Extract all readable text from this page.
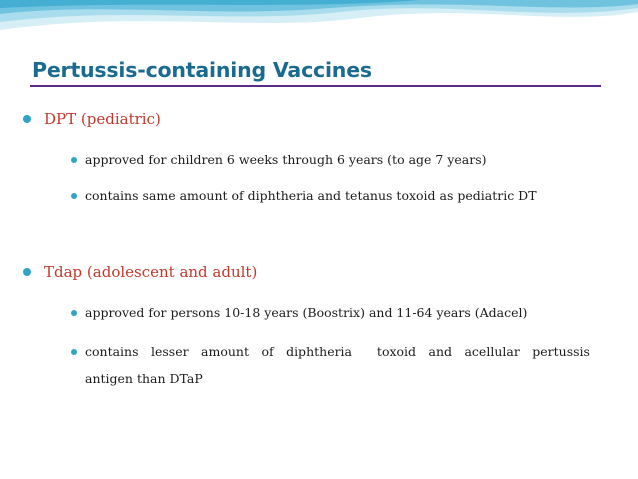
Pertussis-containing Vaccines
DPT (pediatric)
approved for children 6 weeks through 6 years (to age 7 years)
contains same amount of diphtheria and tetanus toxoid as pediatric DT
Tdap (adolescent and adult)
approved for persons 10-18 years (Boostrix) and 11-64 years (Adacel)
contains lesser amount of diphtheria toxoid and acellular pertussis
antigen than DTaP
